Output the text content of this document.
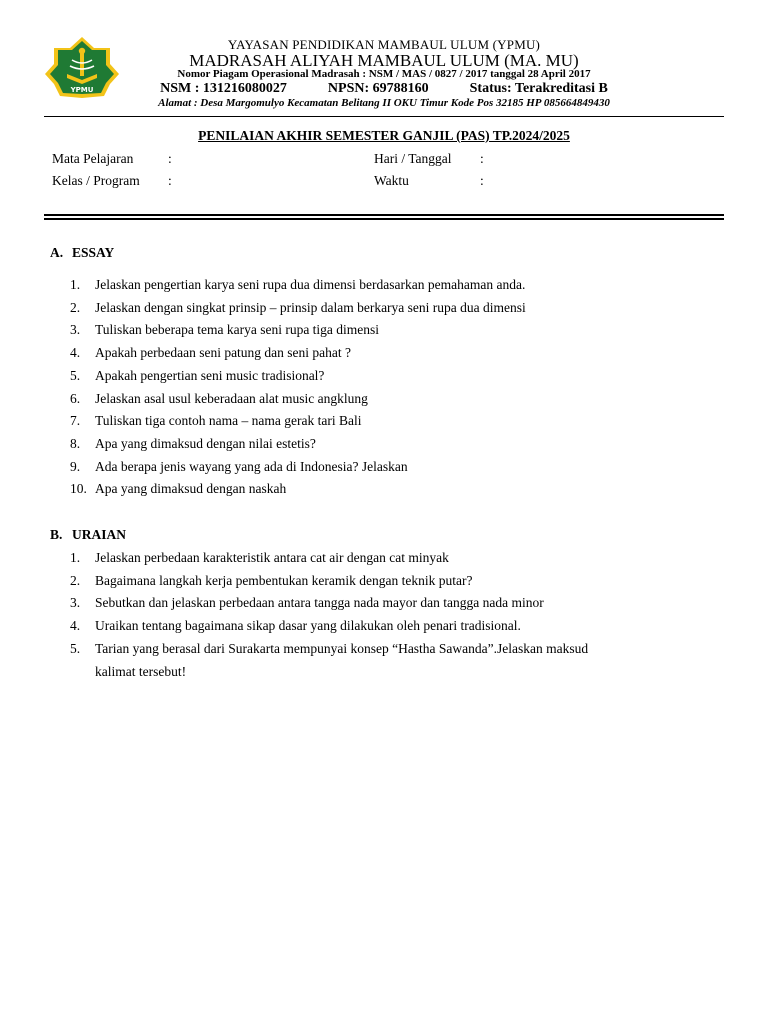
YPMU
YAYASAN PENDIDIKAN MAMBAUL ULUM (YPMU)
MADRASAH ALIYAH MAMBAUL ULUM (MA. MU)
Nomor Piagam Operasional Madrasah : NSM / MAS / 0827 / 2017 tanggal 28 April 2017
NSM : 131216080027	NPSN: 69788160	Status: Terakreditasi B
Alamat : Desa Margomulyo Kecamatan Belitang II OKU Timur Kode Pos 32185 HP 085664849430
PENILAIAN AKHIR SEMESTER GANJIL (PAS) TP.2024/2025
Mata Pelajaran	:	Hari / Tanggal :
Kelas / Program :	Waktu	:
A. ESSAY
1. Jelaskan pengertian karya seni rupa dua dimensi berdasarkan pemahaman anda.
2. Jelaskan dengan singkat prinsip – prinsip dalam berkarya seni rupa dua dimensi
3. Tuliskan beberapa tema karya seni rupa tiga dimensi
4. Apakah perbedaan seni patung dan seni pahat ?
5. Apakah pengertian seni music tradisional?
6. Jelaskan asal usul keberadaan alat music angklung
7. Tuliskan tiga contoh nama – nama gerak tari Bali
8. Apa yang dimaksud dengan nilai estetis?
9. Ada berapa jenis wayang yang ada di Indonesia? Jelaskan
10. Apa yang dimaksud dengan naskah
B. URAIAN
1. Jelaskan perbedaan karakteristik antara cat air dengan cat minyak
2. Bagaimana langkah kerja pembentukan keramik dengan teknik putar?
3. Sebutkan dan jelaskan perbedaan antara tangga nada mayor dan tangga nada minor
4. Uraikan tentang bagaimana sikap dasar yang dilakukan oleh penari tradisional.
5. Tarian yang berasal dari Surakarta mempunyai konsep “Hastha Sawanda”.Jelaskan maksud
kalimat tersebut!
